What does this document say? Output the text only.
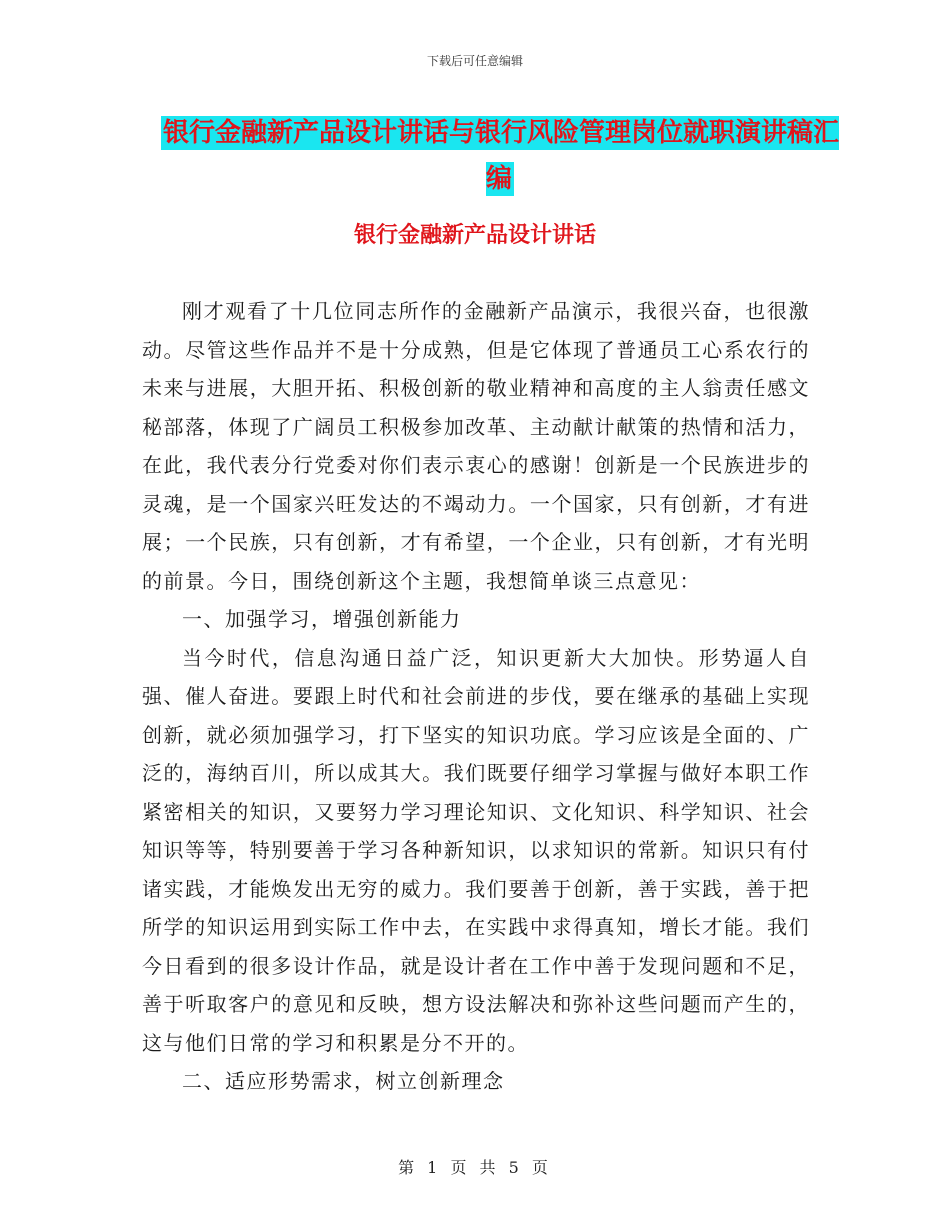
下载后可任意编辑
银行金融新产品设计讲话与银行风险管理岗位就职演讲稿汇编
银行金融新产品设计讲话

刚才观看了十几位同志所作的金融新产品演示，我很兴奋，也很激动。尽管这些作品并不是十分成熟，但是它体现了普通员工心系农行的未来与进展，大胆开拓、积极创新的敬业精神和高度的主人翁责任感文秘部落，体现了广阔员工积极参加改革、主动献计献策的热情和活力，在此，我代表分行党委对你们表示衷心的感谢！创新是一个民族进步的灵魂，是一个国家兴旺发达的不竭动力。一个国家，只有创新，才有进展；一个民族，只有创新，才有希望，一个企业，只有创新，才有光明的前景。今日，围绕创新这个主题，我想简单谈三点意见：

一、加强学习，增强创新能力

当今时代，信息沟通日益广泛，知识更新大大加快。形势逼人自强、催人奋进。要跟上时代和社会前进的步伐，要在继承的基础上实现创新，就必须加强学习，打下坚实的知识功底。学习应该是全面的、广泛的，海纳百川，所以成其大。我们既要仔细学习掌握与做好本职工作紧密相关的知识，又要努力学习理论知识、文化知识、科学知识、社会知识等等，特别要善于学习各种新知识，以求知识的常新。知识只有付诸实践，才能焕发出无穷的威力。我们要善于创新，善于实践，善于把所学的知识运用到实际工作中去，在实践中求得真知，增长才能。我们今日看到的很多设计作品，就是设计者在工作中善于发现问题和不足，善于听取客户的意见和反映，想方设法解决和弥补这些问题而产生的，这与他们日常的学习和积累是分不开的。

二、适应形势需求，树立创新理念

第 1 页 共 5 页
